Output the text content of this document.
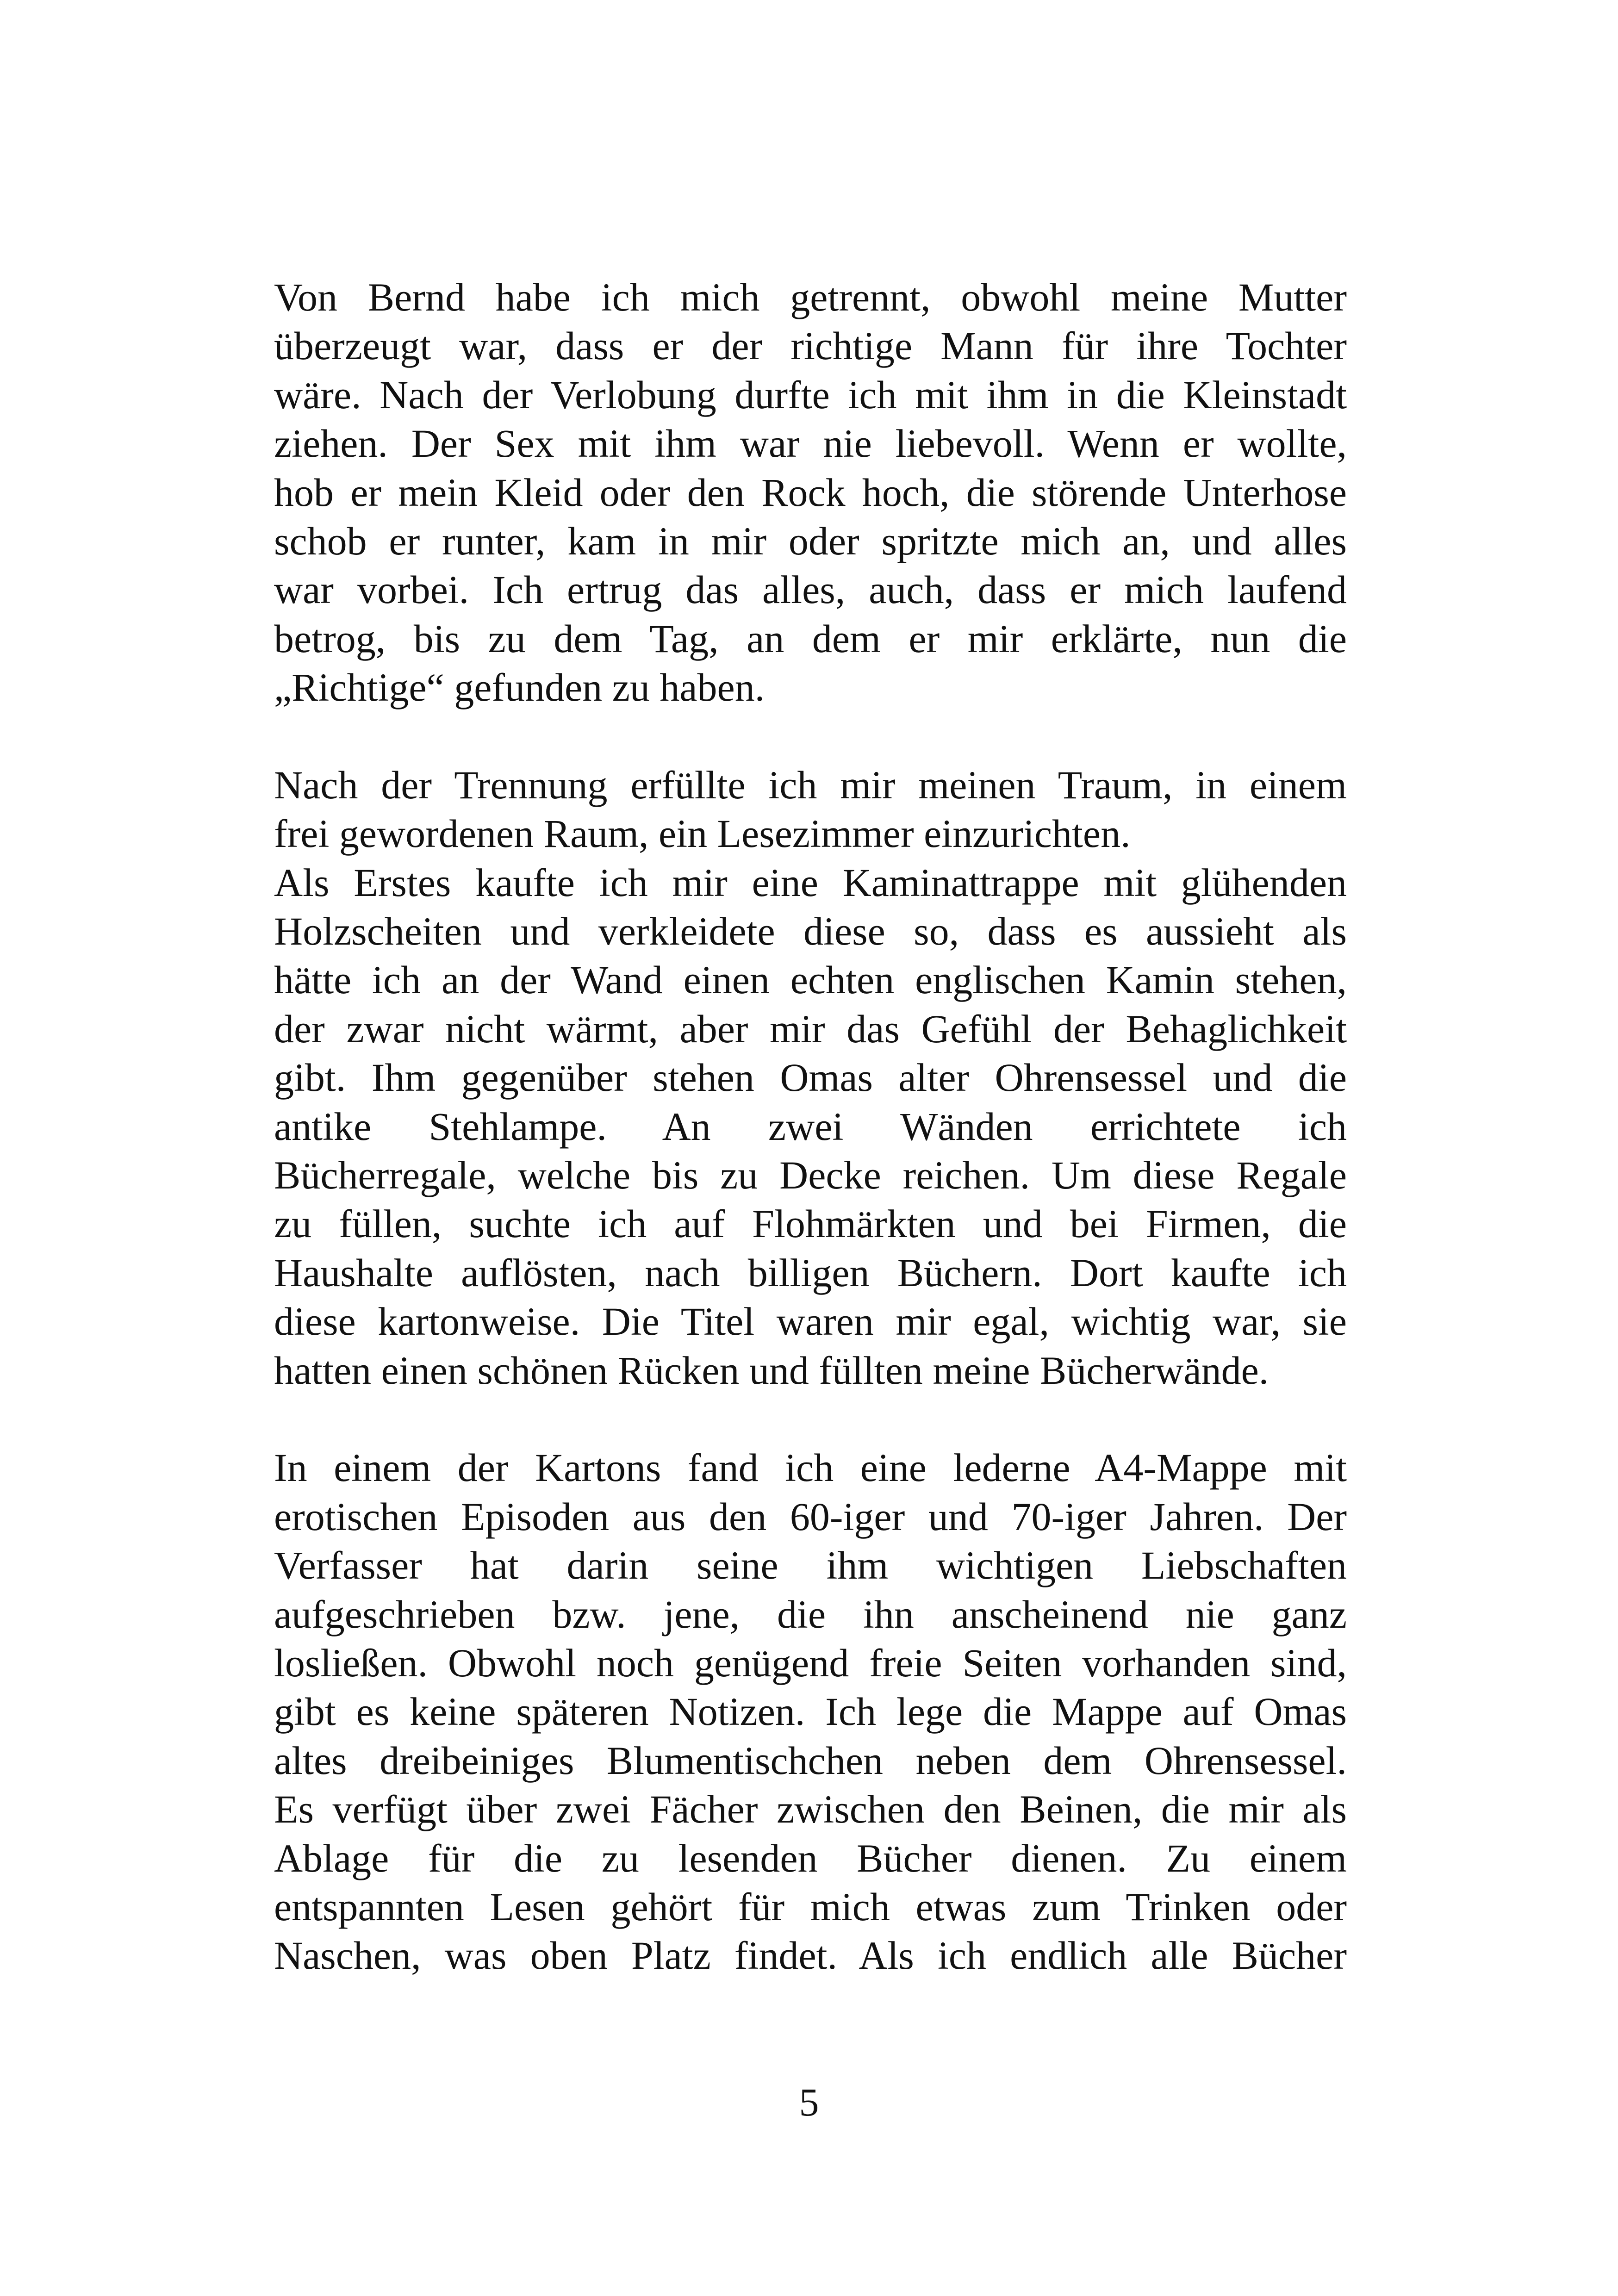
Von Bernd habe ich mich getrennt, obwohl meine Mutter
überzeugt war, dass er der richtige Mann für ihre Tochter
wäre. Nach der Verlobung durfte ich mit ihm in die Kleinstadt
ziehen. Der Sex mit ihm war nie liebevoll. Wenn er wollte,
hob er mein Kleid oder den Rock hoch, die störende Unterhose
schob er runter, kam in mir oder spritzte mich an, und alles
war vorbei. Ich ertrug das alles, auch, dass er mich laufend
betrog, bis zu dem Tag, an dem er mir erklärte, nun die
„Richtige“ gefunden zu haben.
Nach der Trennung erfüllte ich mir meinen Traum, in einem
frei gewordenen Raum, ein Lesezimmer einzurichten.
Als Erstes kaufte ich mir eine Kaminattrappe mit glühenden
Holzscheiten und verkleidete diese so, dass es aussieht als
hätte ich an der Wand einen echten englischen Kamin stehen,
der zwar nicht wärmt, aber mir das Gefühl der Behaglichkeit
gibt. Ihm gegenüber stehen Omas alter Ohrensessel und die
antike Stehlampe. An zwei Wänden errichtete ich
Bücherregale, welche bis zu Decke reichen. Um diese Regale
zu füllen, suchte ich auf Flohmärkten und bei Firmen, die
Haushalte auflösten, nach billigen Büchern. Dort kaufte ich
diese kartonweise. Die Titel waren mir egal, wichtig war, sie
hatten einen schönen Rücken und füllten meine Bücherwände.
In einem der Kartons fand ich eine lederne A4-Mappe mit
erotischen Episoden aus den 60-iger und 70-iger Jahren. Der
Verfasser hat darin seine ihm wichtigen Liebschaften
aufgeschrieben bzw. jene, die ihn anscheinend nie ganz
losließen. Obwohl noch genügend freie Seiten vorhanden sind,
gibt es keine späteren Notizen. Ich lege die Mappe auf Omas
altes dreibeiniges Blumentischchen neben dem Ohrensessel.
Es verfügt über zwei Fächer zwischen den Beinen, die mir als
Ablage für die zu lesenden Bücher dienen. Zu einem
entspannten Lesen gehört für mich etwas zum Trinken oder
Naschen, was oben Platz findet. Als ich endlich alle Bücher
5
